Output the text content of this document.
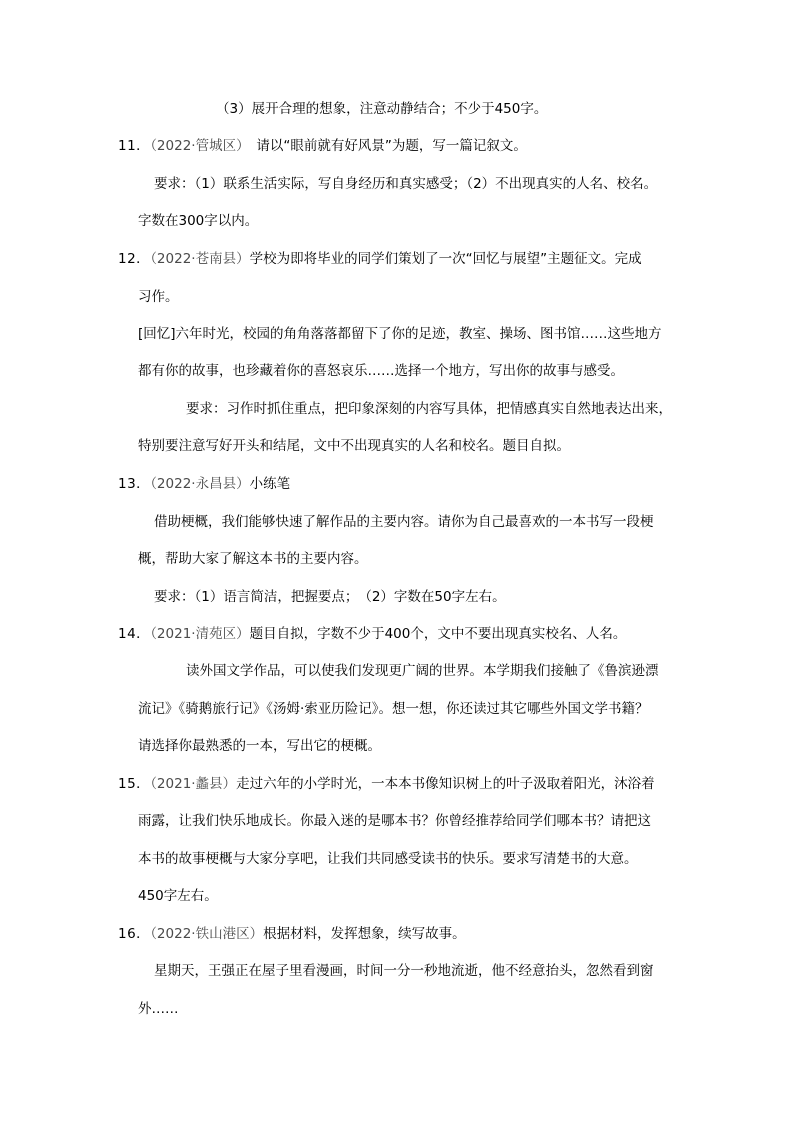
（3）展开合理的想象，注意动静结合；不少于450字。
11．（2022·管城区）　请以“眼前就有好风景”为题，写一篇记叙文。
要求：（1）联系生活实际，写自身经历和真实感受；（2）不出现真实的人名、校名。
字数在300字以内。
12．（2022·苍南县）学校为即将毕业的同学们策划了一次“回忆与展望”主题征文。完成
习作。
[回忆]六年时光，校园的角角落落都留下了你的足迹，教室、操场、图书馆……这些地方
都有你的故事，也珍藏着你的喜怒哀乐……选择一个地方，写出你的故事与感受。
要求：习作时抓住重点，把印象深刻的内容写具体，把情感真实自然地表达出来，
特别要注意写好开头和结尾，文中不出现真实的人名和校名。题目自拟。
13．（2022·永昌县）小练笔
借助梗概，我们能够快速了解作品的主要内容。请你为自己最喜欢的一本书写一段梗
概，帮助大家了解这本书的主要内容。
要求：（1）语言简洁，把握要点；　（2）字数在50字左右。
14．（2021·清苑区）题目自拟，字数不少于400个，文中不要出现真实校名、人名。
读外国文学作品，可以使我们发现更广阔的世界。本学期我们接触了《鲁滨逊漂
流记》《骑鹅旅行记》《汤姆·索亚历险记》。想一想，你还读过其它哪些外国文学书籍？
请选择你最熟悉的一本，写出它的梗概。
15．（2021·蠡县）走过六年的小学时光，一本本书像知识树上的叶子汲取着阳光，沐浴着
雨露，让我们快乐地成长。你最入迷的是哪本书？你曾经推荐给同学们哪本书？请把这
本书的故事梗概与大家分享吧，让我们共同感受读书的快乐。要求写清楚书的大意。
450字左右。
16．（2022·铁山港区）根据材料，发挥想象，续写故事。
星期天，王强正在屋子里看漫画，时间一分一秒地流逝，他不经意抬头，忽然看到窗
外……
